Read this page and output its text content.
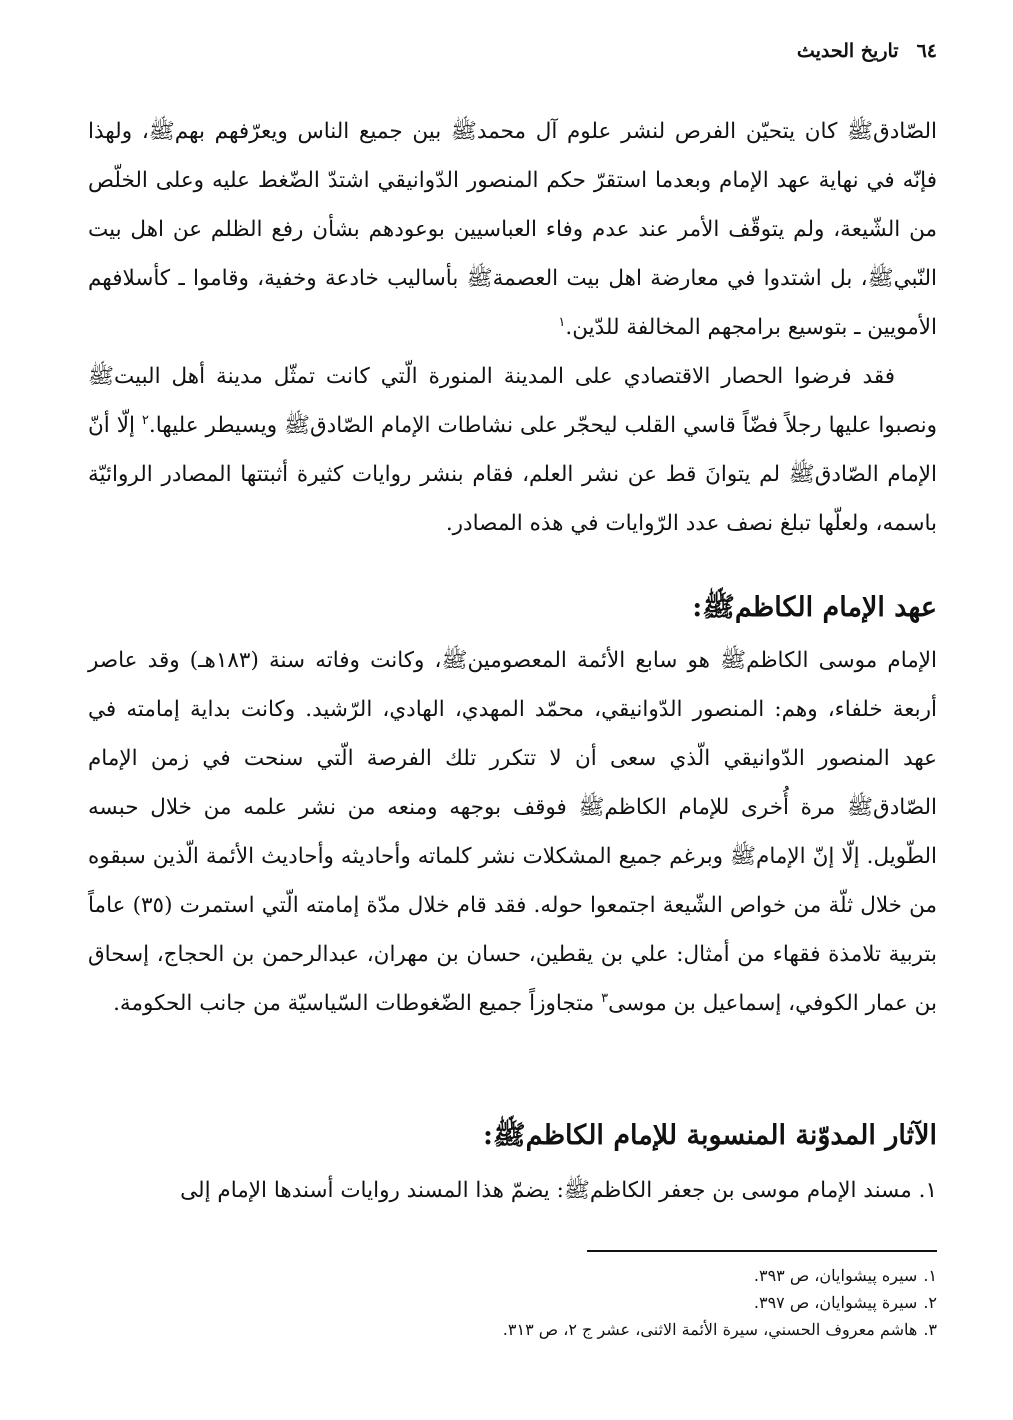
٦٤
تاريخ الحديث

الصّادقﷺ كان يتحيّن الفرص لنشر علوم آل محمدﷺ بين جميع الناس ويعرّفهم بهمﷺ، ولهذا فإنّه في نهاية عهد الإمام وبعدما استقرّ حكم المنصور الدّوانيقي اشتدّ الضّغط عليه وعلى الخلّص من الشّيعة، ولم يتوقّف الأمر عند عدم وفاء العباسيين بوعودهم بشأن رفع الظلم عن اهل بيت النّبيﷺ، بل اشتدوا في معارضة اهل بيت العصمةﷺ بأساليب خادعة وخفية، وقاموا ـ كأسلافهم الأمويين ـ بتوسيع برامجهم المخالفة للدّين.$^١$

فقد فرضوا الحصار الاقتصادي على المدينة المنورة الّتي كانت تمثّل مدينة أهل البيتﷺ ونصبوا عليها رجلاً فضّاً قاسي القلب ليحجّر على نشاطات الإمام الصّادقﷺ ويسيطر عليها.$^٢$ إلّا أنّ الإمام الصّادقﷺ لم يتوانَ قط عن نشر العلم، فقام بنشر روايات كثيرة أثبتتها المصادر الروائيّة باسمه، ولعلّها تبلغ نصف عدد الرّوايات في هذه المصادر.

عهد الإمام الكاظمﷺ:

الإمام موسى الكاظمﷺ هو سابع الأئمة المعصومينﷺ، وكانت وفاته سنة (١٨٣هـ) وقد عاصر أربعة خلفاء، وهم: المنصور الدّوانيقي، محمّد المهدي، الهادي، الرّشيد. وكانت بداية إمامته في عهد المنصور الدّوانيقي الّذي سعى أن لا تتكرر تلك الفرصة الّتي سنحت في زمن الإمام الصّادقﷺ مرة أُخرى للإمام الكاظمﷺ فوقف بوجهه ومنعه من نشر علمه من خلال حبسه الطّويل. إلّا إنّ الإمامﷺ وبرغم جميع المشكلات نشر كلماته وأحاديثه وأحاديث الأئمة الّذين سبقوه من خلال ثلّة من خواص الشّيعة اجتمعوا حوله. فقد قام خلال مدّة إمامته الّتي استمرت (٣٥) عاماً بتربية تلامذة فقهاء من أمثال: علي بن يقطين، حسان بن مهران، عبدالرحمن بن الحجاج، إسحاق بن عمار الكوفي، إسماعيل بن موسى$^٣$ متجاوزاً جميع الضّغوطات السّياسيّة من جانب الحكومة.

الآثار المدوّنة المنسوبة للإمام الكاظمﷺ:

١. مسند الإمام موسى بن جعفر الكاظمﷺ: يضمّ هذا المسند روايات أسندها الإمام إلى

١.سيره پيشوايان، ص ٣٩٣.
٢.سيرة پيشوايان، ص ٣٩٧.
٣.هاشم معروف الحسني، سيرة الأئمة الاثنى، عشر ج ٢، ص ٣١٣.
